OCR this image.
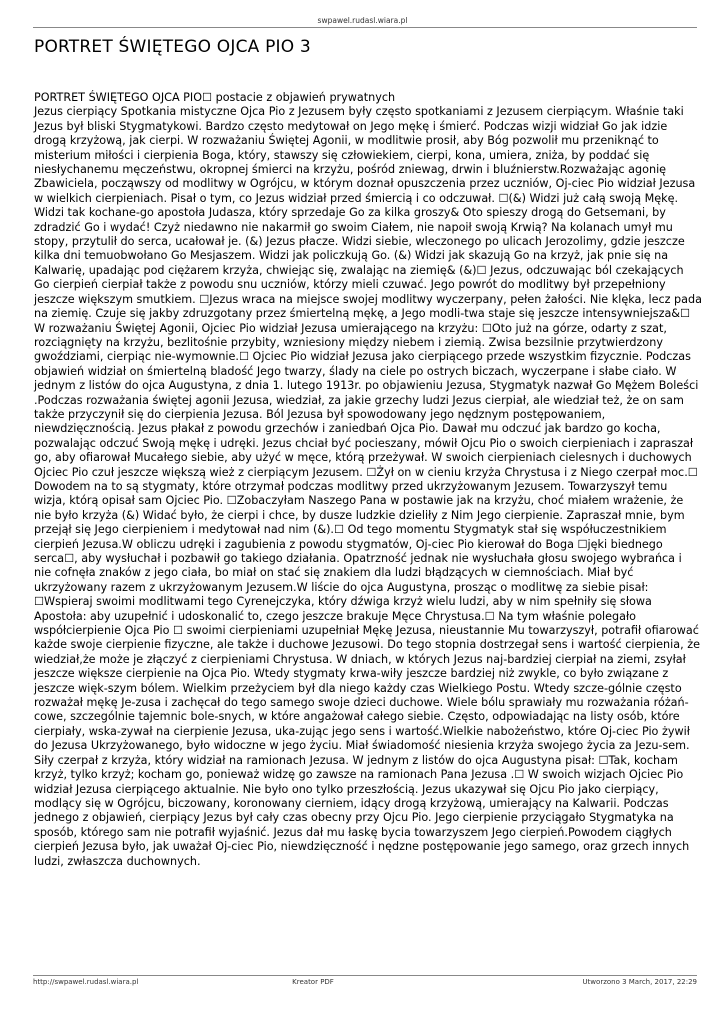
swpawel.rudasl.wiara.pl
PORTRET ŚWIĘTEGO OJCA PIO 3

PORTRET ŚWIĘTEGO OJCA PIO☐ postacie z objawień prywatnych

Jezus cierpiący Spotkania mistyczne Ojca Pio z Jezusem były często spotkaniami z Jezusem cierpiącym. Właśnie taki Jezus był bliski Stygmatykowi. Bardzo często medytował on Jego mękę i śmierć. Podczas wizji widział Go jak idzie drogą krzyżową, jak cierpi. W rozważaniu Świętej Agonii, w modlitwie prosił, aby Bóg pozwolił mu przeniknąć to misterium miłości i cierpienia Boga, który, stawszy się człowiekiem, cierpi, kona, umiera, zniża, by poddać się niesłychanemu męczeństwu, okropnej śmierci na krzyżu, pośród zniewag, drwin i bluźnierstw.Rozważając agonię Zbawiciela, począwszy od modlitwy w Ogrójcu, w którym doznał opuszczenia przez uczniów, Oj-ciec Pio widział Jezusa w wielkich cierpieniach. Pisał o tym, co Jezus widział przed śmiercią i co odczuwał. ☐(&) Widzi już całą swoją Mękę. Widzi tak kochane-go apostoła Judasza, który sprzedaje Go za kilka groszy& Oto spieszy drogą do Getsemani, by zdradzić Go i wydać! Czyż niedawno nie nakarmił go swoim Ciałem, nie napoił swoją Krwią? Na kolanach umył mu stopy, przytulił do serca, ucałował je. (&) Jezus płacze. Widzi siebie, wleczonego po ulicach Jerozolimy, gdzie jeszcze kilka dni temuobwołano Go Mesjaszem. Widzi jak policzkują Go. (&) Widzi jak skazują Go na krzyż, jak pnie się na Kalwarię, upadając pod ciężarem krzyża, chwiejąc się, zwalając na ziemię& (&)☐ Jezus, odczuwając ból czekających Go cierpień cierpiał także z powodu snu uczniów, którzy mieli czuwać. Jego powrót do modlitwy był przepełniony jeszcze większym smutkiem. ☐Jezus wraca na miejsce swojej modlitwy wyczerpany, pełen żałości. Nie klęka, lecz pada na ziemię. Czuje się jakby zdruzgotany przez śmiertelną mękę, a Jego modli-twa staje się jeszcze intensywniejsza&☐ W rozważaniu Świętej Agonii, Ojciec Pio widział Jezusa umierającego na krzyżu: ☐Oto już na górze, odarty z szat, rozciągnięty na krzyżu, bezlitośnie przybity, wzniesiony między niebem i ziemią. Zwisa bezsilnie przytwierdzony gwoździami, cierpiąc nie-wymownie.☐ Ojciec Pio widział Jezusa jako cierpiącego przede wszystkim fizycznie. Podczas objawień widział on śmiertelną bladość Jego twarzy, ślady na ciele po ostrych biczach, wyczerpane i słabe ciało. W jednym z listów do ojca Augustyna, z dnia 1. lutego 1913r. po objawieniu Jezusa, Stygmatyk nazwał Go Mężem Boleści .Podczas rozważania świętej agonii Jezusa, wiedział, za jakie grzechy ludzi Jezus cierpiał, ale wiedział też, że on sam także przyczynił się do cierpienia Jezusa. Ból Jezusa był spowodowany jego nędznym postępowaniem, niewdzięcznością. Jezus płakał z powodu grzechów i zaniedbań Ojca Pio. Dawał mu odczuć jak bardzo go kocha, pozwalając odczuć Swoją mękę i udręki. Jezus chciał być pocieszany, mówił Ojcu Pio o swoich cierpieniach i zapraszał go, aby ofiarował Mucałego siebie, aby użyć w męce, którą przeżywał. W swoich cierpieniach cielesnych i duchowych Ojciec Pio czuł jeszcze większą wież z cierpiącym Jezusem. ☐Żył on w cieniu krzyża Chrystusa i z Niego czerpał moc.☐ Dowodem na to są stygmaty, które otrzymał podczas modlitwy przed ukrzyżowanym Jezusem. Towarzyszył temu wizja, którą opisał sam Ojciec Pio. ☐Zobaczyłam Naszego Pana w postawie jak na krzyżu, choć miałem wrażenie, że nie było krzyża (&) Widać było, że cierpi i chce, by dusze ludzkie dzieliły z Nim Jego cierpienie. Zapraszał mnie, bym przejął się Jego cierpieniem i medytował nad nim (&).☐ Od tego momentu Stygmatyk stał się współuczestnikiem cierpień Jezusa.W obliczu udręki i zagubienia z powodu stygmatów, Oj-ciec Pio kierował do Boga ☐jęki biednego serca☐, aby wysłuchał i pozbawił go takiego działania. Opatrzność jednak nie wysłuchała głosu swojego wybrańca i nie cofnęła znaków z jego ciała, bo miał on stać się znakiem dla ludzi błądzących w ciemnościach. Miał być ukrzyżowany razem z ukrzyżowanym Jezusem.W liście do ojca Augustyna, prosząc o modlitwę za siebie pisał: ☐Wspieraj swoimi modlitwami tego Cyrenejczyka, który dźwiga krzyż wielu ludzi, aby w nim spełniły się słowa Apostoła: aby uzupełnić i udoskonalić to, czego jeszcze brakuje Męce Chrystusa.☐ Na tym właśnie polegało współcierpienie Ojca Pio ☐ swoimi cierpieniami uzupełniał Mękę Jezusa, nieustannie Mu towarzyszył, potrafił ofiarować każde swoje cierpienie fizyczne, ale także i duchowe Jezusowi. Do tego stopnia dostrzegał sens i wartość cierpienia, że wiedział,że może je złączyć z cierpieniami Chrystusa. W dniach, w których Jezus naj-bardziej cierpiał na ziemi, zsyłał jeszcze większe cierpienie na Ojca Pio. Wtedy stygmaty krwa-wiły jeszcze bardziej niż zwykle, co było związane z jeszcze więk-szym bólem. Wielkim przeżyciem był dla niego każdy czas Wielkiego Postu. Wtedy szcze-gólnie często rozważał mękę Je-zusa i zachęcał do tego samego swoje dzieci duchowe. Wiele bólu sprawiały mu rozważania różań-cowe, szczególnie tajemnic bole-snych, w które angażował całego siebie. Często, odpowiadając na listy osób, które cierpiały, wska-zywał na cierpienie Jezusa, uka-zując jego sens i wartość.Wielkie nabożeństwo, które Oj-ciec Pio żywił do Jezusa Ukrzyżowanego, było widoczne w jego życiu. Miał świadomość niesienia krzyża swojego życia za Jezu-sem. Siły czerpał z krzyża, który widział na ramionach Jezusa. W jednym z listów do ojca Augustyna pisał: ☐Tak, kocham krzyż, tylko krzyż; kocham go, ponieważ widzę go zawsze na ramionach Pana Jezusa .☐ W swoich wizjach Ojciec Pio widział Jezusa cierpiącego aktualnie. Nie było ono tylko przeszłością. Jezus ukazywał się Ojcu Pio jako cierpiący, modlący się w Ogrójcu, biczowany, koronowany cierniem, idący drogą krzyżową, umierający na Kalwarii. Podczas jednego z objawień, cierpiący Jezus był cały czas obecny przy Ojcu Pio. Jego cierpienie przyciągało Stygmatyka na sposób, którego sam nie potrafił wyjaśnić. Jezus dał mu łaskę bycia towarzyszem Jego cierpień.Powodem ciągłych cierpień Jezusa było, jak uważał Oj-ciec Pio, niewdzięczność i nędzne postępowanie jego samego, oraz grzech innych ludzi, zwłaszcza duchownych.

http://swpawel.rudasl.wiara.pl	Kreator PDF	Utworzono 3 March, 2017, 22:29
